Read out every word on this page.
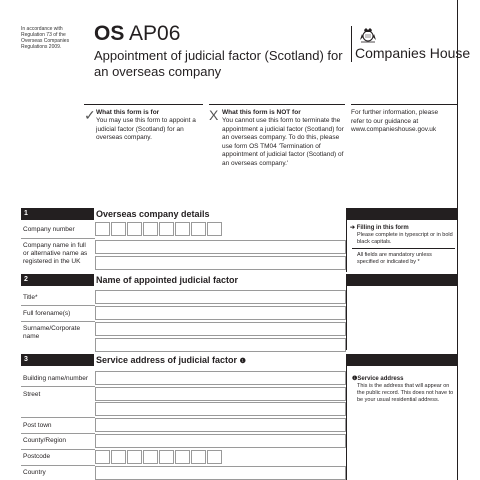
In accordance with Regulation 73 of the Overseas Companies Regulations 2009.
OS AP06
Appointment of judicial factor (Scotland) for an overseas company
Companies House
✓ What this form is for
You may use this form to appoint a judicial factor (Scotland) for an overseas company.
X What this form is NOT for
You cannot use this form to terminate the appointment a judicial factor (Scotland) for an overseas company. To do this, please use form OS TM04 'Termination of appointment of judicial factor (Scotland) of an overseas company.'
For further information, please refer to our guidance at www.companieshouse.gov.uk
1	Overseas company details
Company number
Company name in full or alternative name as registered in the UK
➔ Filling in this form
Please complete in typescript or in bold black capitals.
All fields are mandatory unless specified or indicated by *
2	Name of appointed judicial factor
Title*
Full forename(s)
Surname/Corporate name
3	Service address of judicial factor ❶
Building name/number
Street
Post town
County/Region
Postcode
Country
❶Service address
This is the address that will appear on the public record. This does not have to be your usual residential address.
